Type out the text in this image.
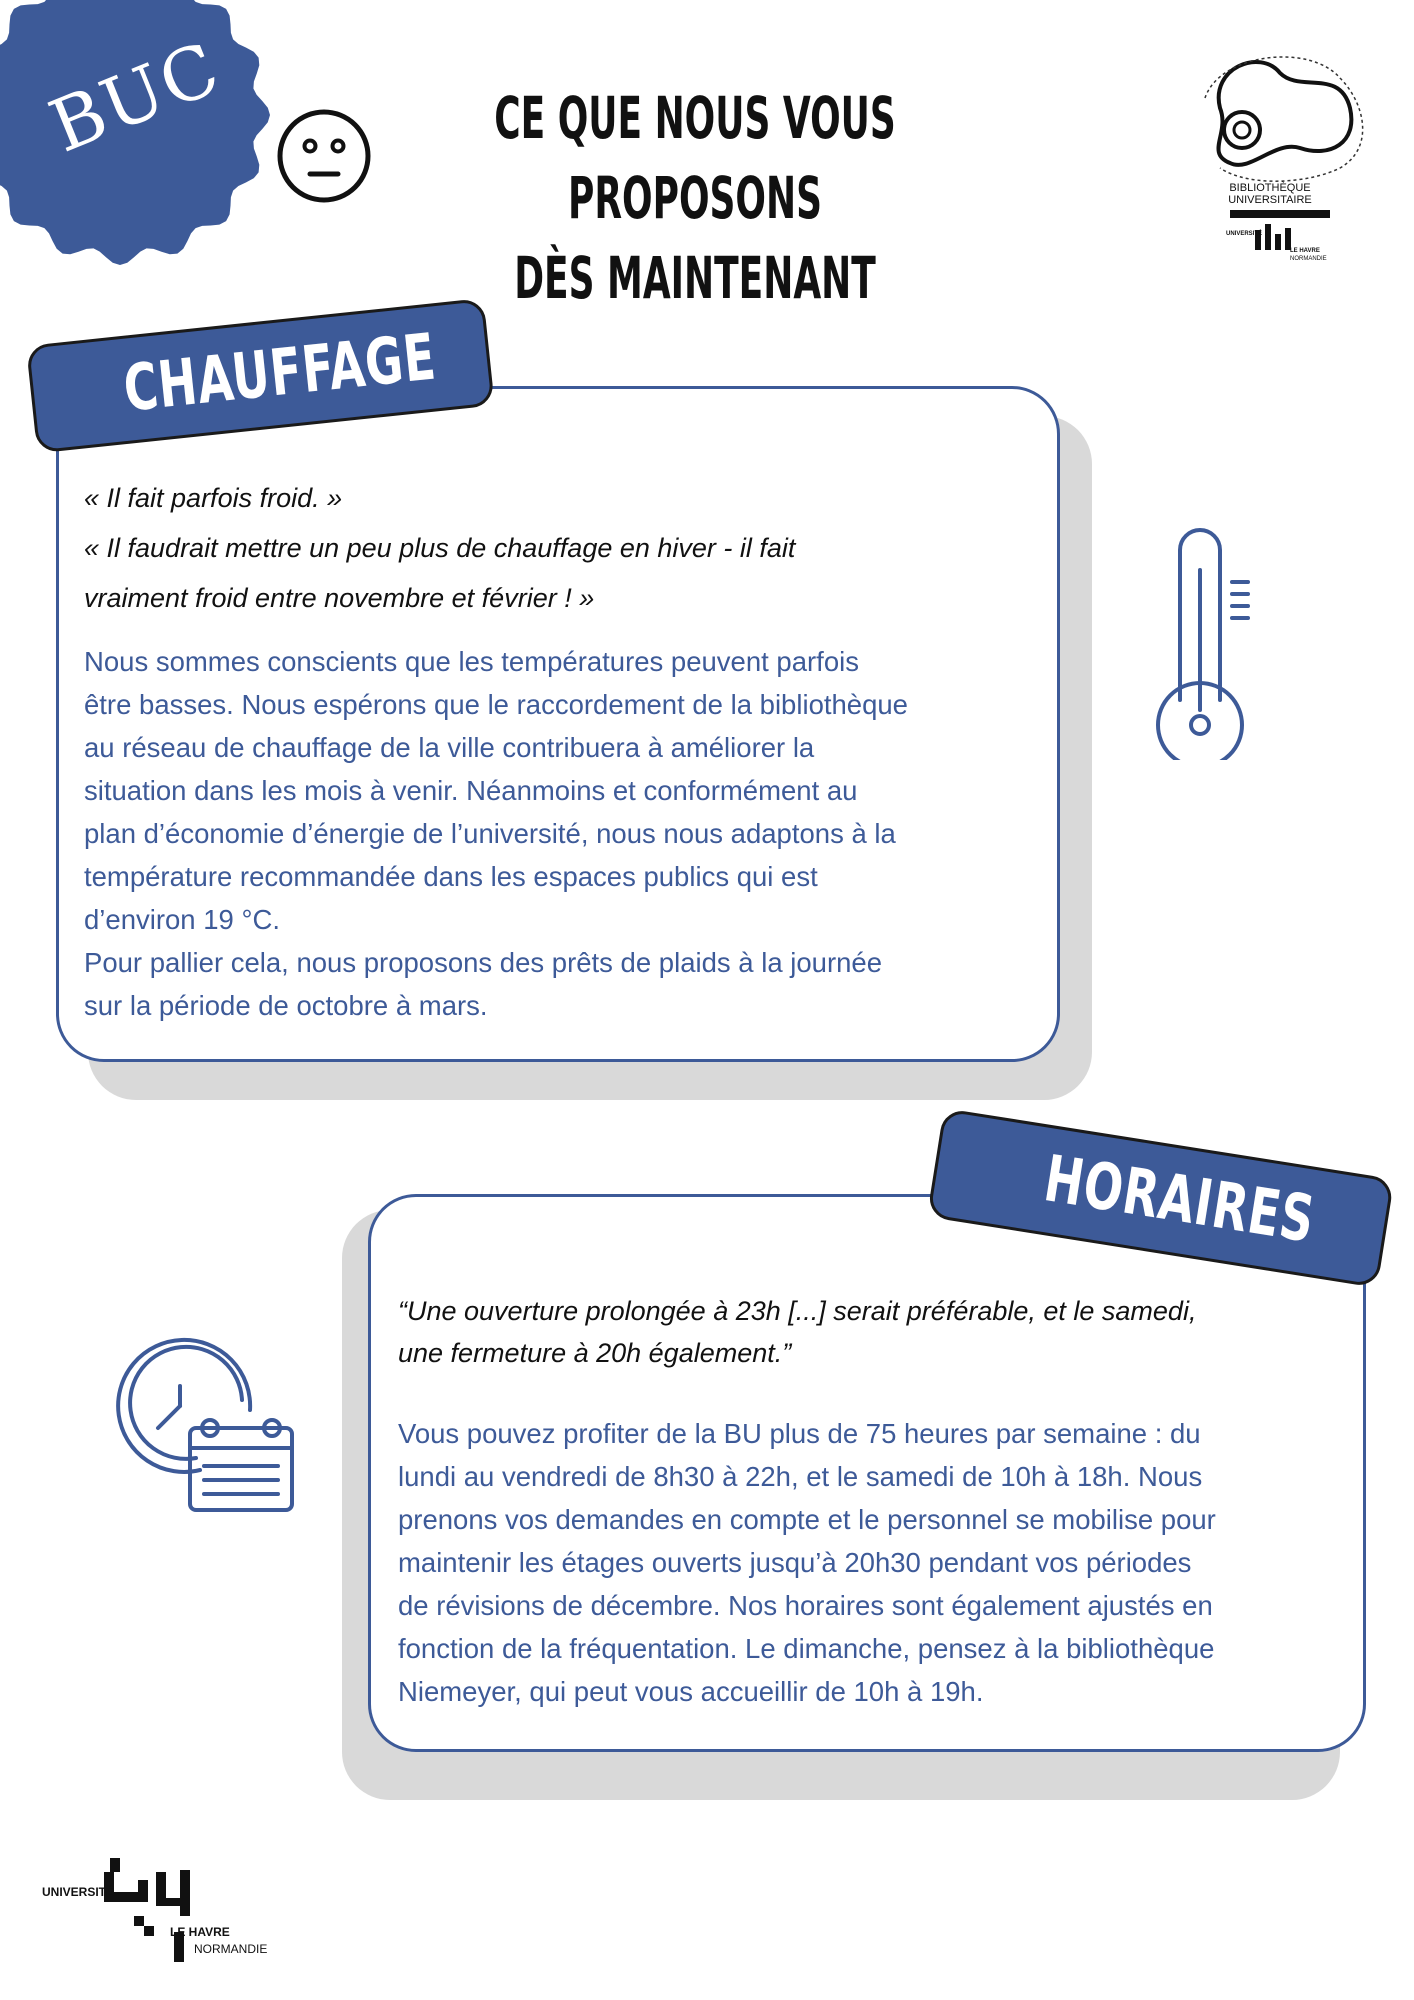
BUC	CE QUE NOUS VOUS PROPOSONS
DÈS MAINTENANT
BIBLIOTHÈQUE
UNIVERSITAIRE
UNIVERSITÉ
LE HAVRE
NORMANDIE
CHAUFFAGE
« Il fait parfois froid. »
« Il faudrait mettre un peu plus de chauffage en hiver - il fait
vraiment froid entre novembre et février ! »
Nous sommes conscients que les températures peuvent parfois
être basses. Nous espérons que le raccordement de la bibliothèque
au réseau de chauffage de la ville contribuera à améliorer la
situation dans les mois à venir. Néanmoins et conformément au
plan d’économie d’énergie de l’université, nous nous adaptons à la
température recommandée dans les espaces publics qui est
d’environ 19 °C.
Pour pallier cela, nous proposons des prêts de plaids à la journée
sur la période de octobre à mars.
HORAIRES
“Une ouverture prolongée à 23h [...] serait préférable, et le samedi,
une fermeture à 20h également.”
Vous pouvez profiter de la BU plus de 75 heures par semaine : du
lundi au vendredi de 8h30 à 22h, et le samedi de 10h à 18h. Nous
prenons vos demandes en compte et le personnel se mobilise pour
maintenir les étages ouverts jusqu’à 20h30 pendant vos périodes
de révisions de décembre. Nos horaires sont également ajustés en
fonction de la fréquentation. Le dimanche, pensez à la bibliothèque
Niemeyer, qui peut vous accueillir de 10h à 19h.
UNIVERSITÉ
LE HAVRE
NORMANDIE
